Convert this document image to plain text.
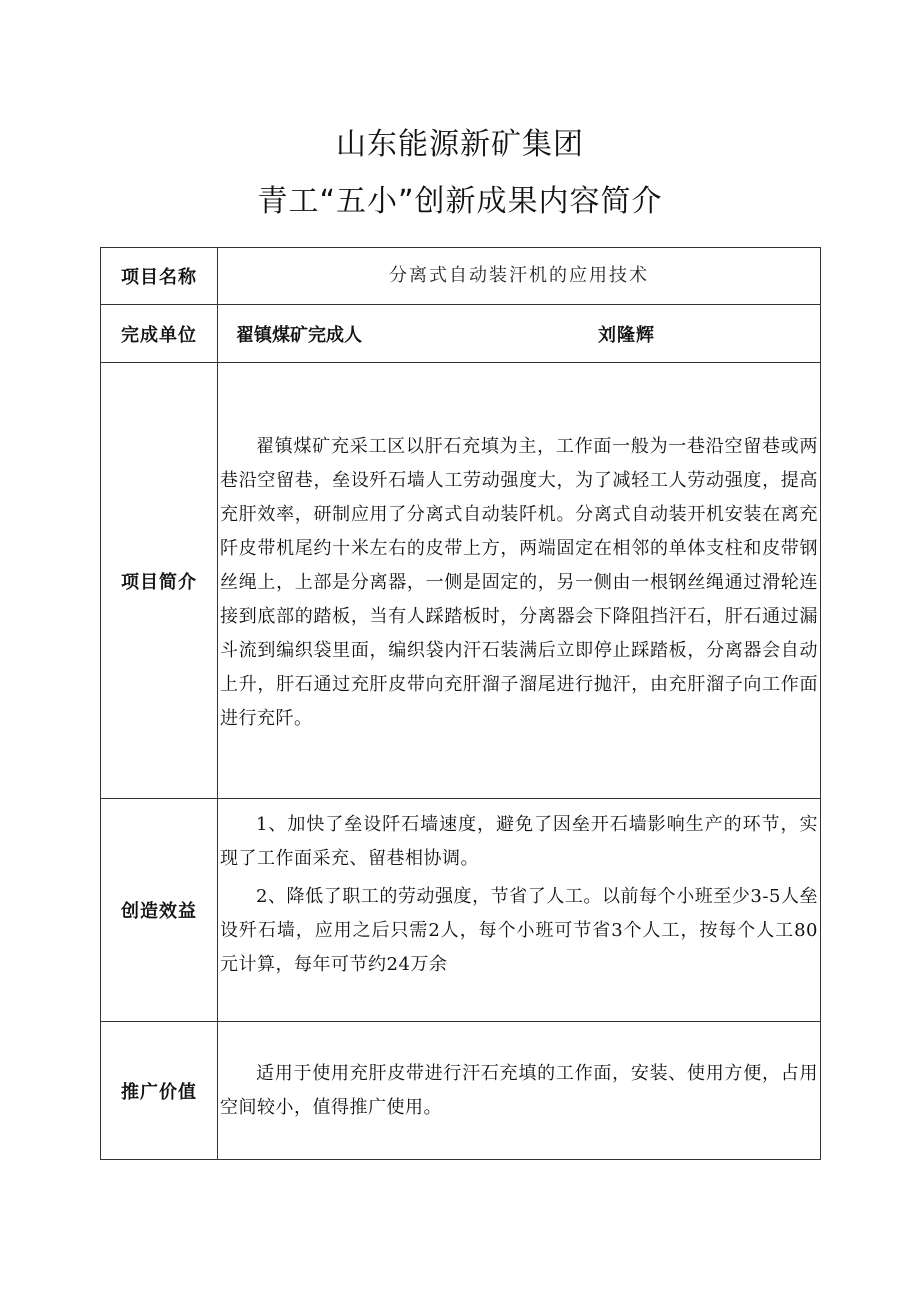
山东能源新矿集团
青工“五小”创新成果内容简介
项目名称	分离式自动装汗机的应用技术

完成单位	翟镇煤矿完成人 刘隆辉

项目简介	翟镇煤矿充采工区以肝石充填为主，工作面一般为一巷沿空留巷或两巷沿空留巷，垒设歼石墙人工劳动强度大，为了减轻工人劳动强度，提高充肝效率，研制应用了分离式自动装阡机。分离式自动装开机安装在离充阡皮带机尾约十米左右的皮带上方，两端固定在相邻的单体支柱和皮带钢丝绳上，上部是分离器，一侧是固定的，另一侧由一根钢丝绳通过滑轮连接到底部的踏板，当有人踩踏板时，分离器会下降阻挡汗石，肝石通过漏斗流到编织袋里面，编织袋内汗石装满后立即停止踩踏板，分离器会自动上升，肝石通过充肝皮带向充肝溜子溜尾进行抛汗，由充肝溜子向工作面进行充阡。

创造效益	1、加快了垒设阡石墙速度，避免了因垒开石墙影响生产的环节，实现了工作面采充、留巷相协调。

2、降低了职工的劳动强度，节省了人工。以前每个小班至少3-5人垒设歼石墙，应用之后只需2人，每个小班可节省3个人工，按每个人工80元计算，每年可节约24万余

推广价值	适用于使用充肝皮带进行汗石充填的工作面，安装、使用方便，占用空间较小，值得推广使用。
